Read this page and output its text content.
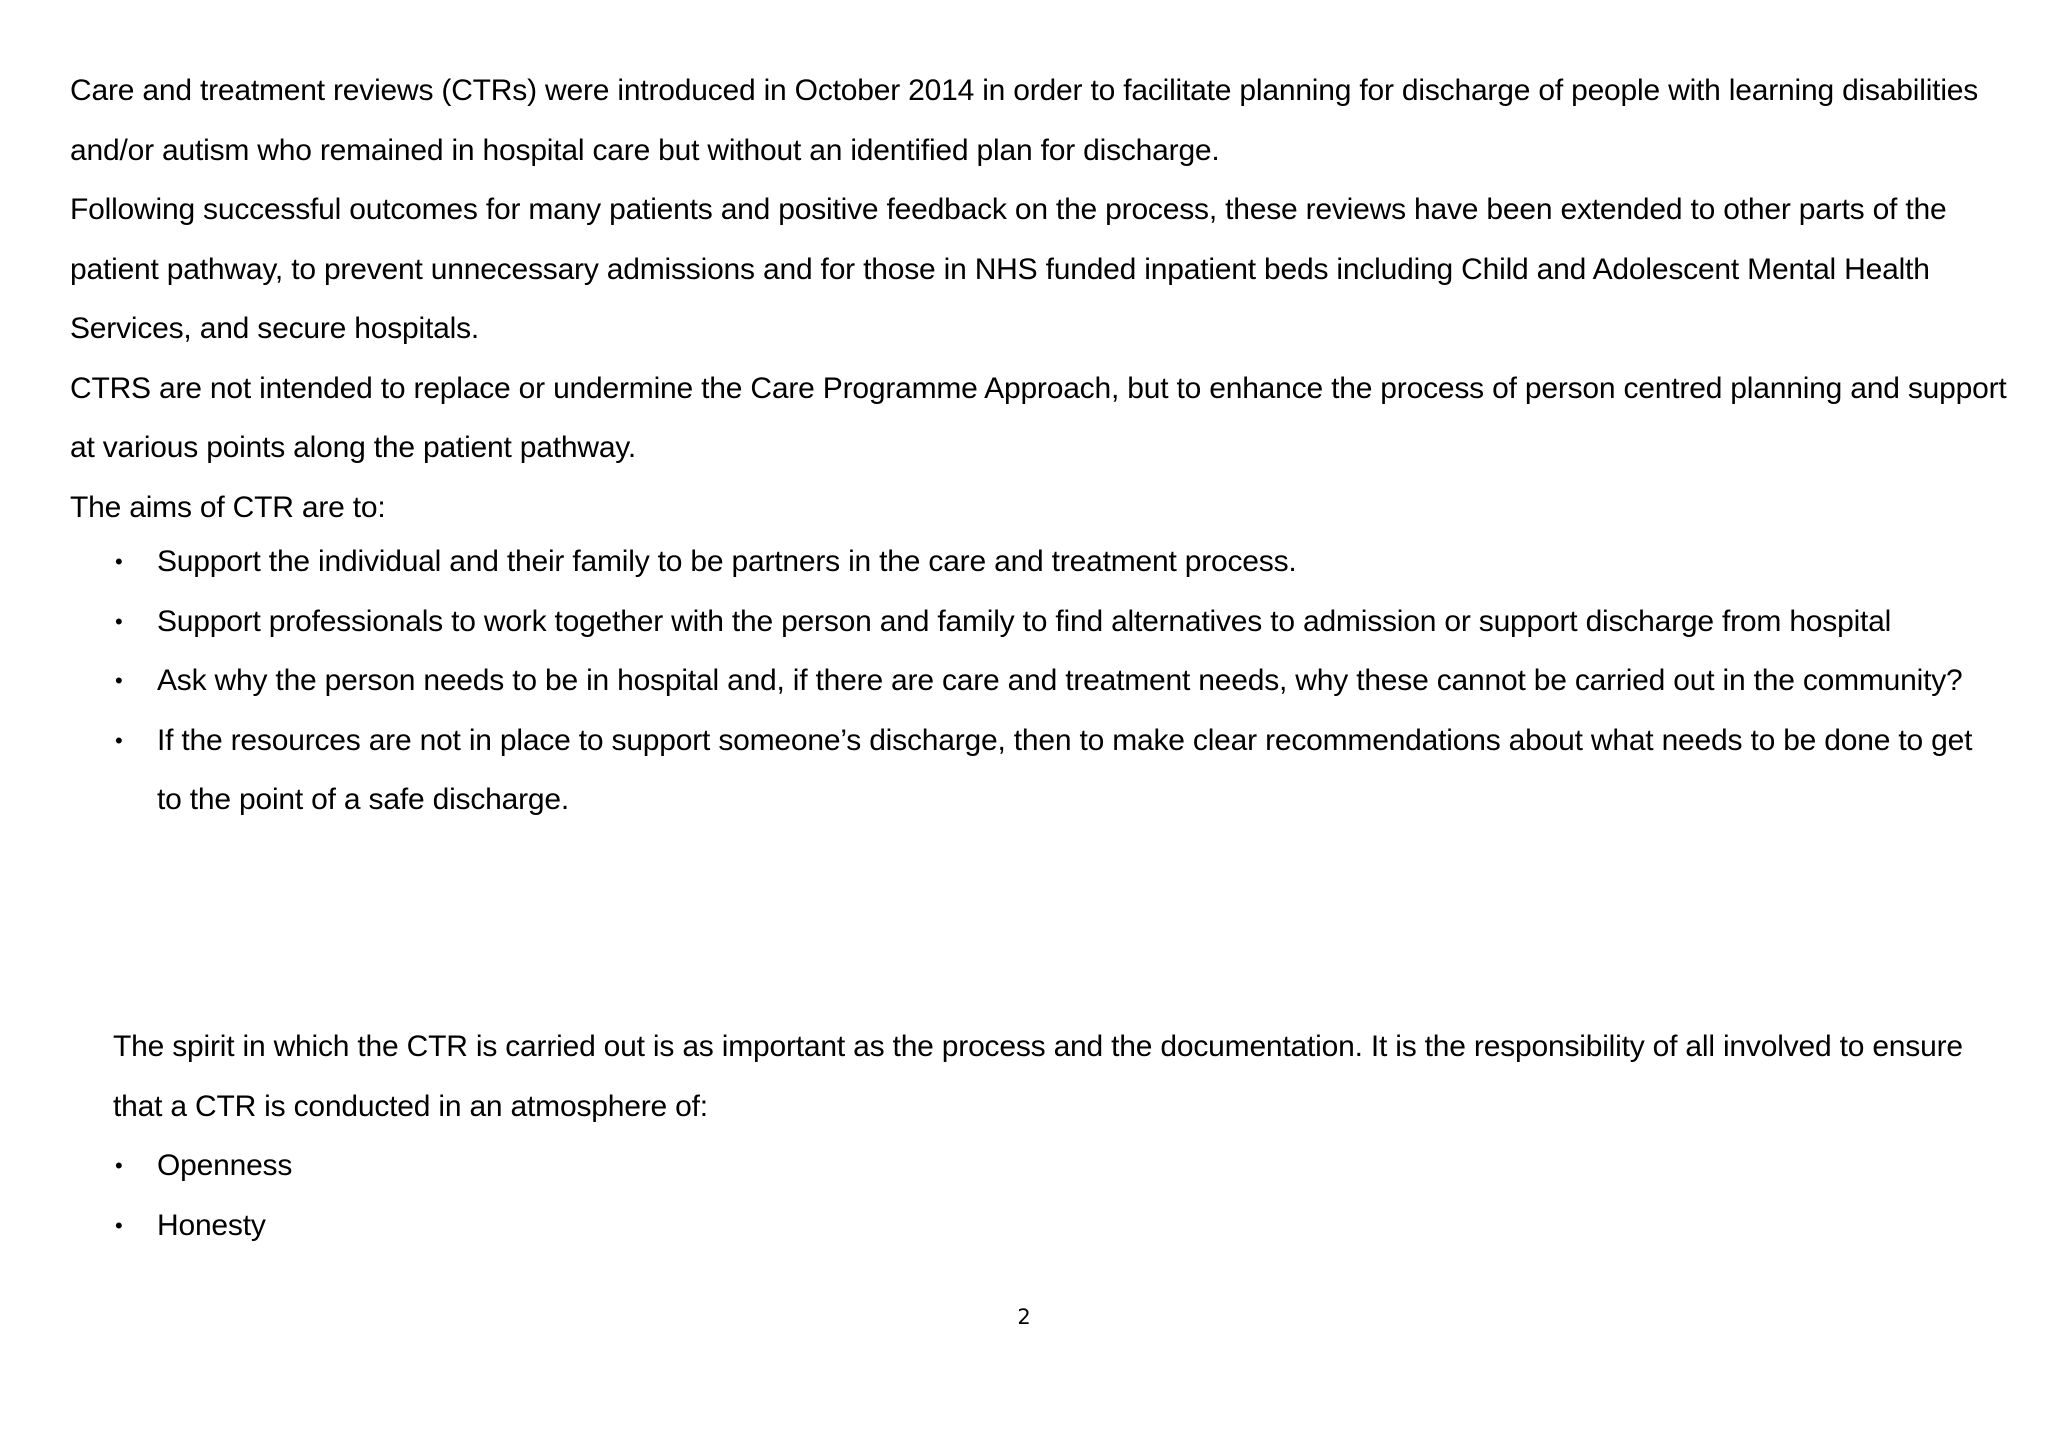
Care and treatment reviews (CTRs) were introduced in October 2014 in order to facilitate planning for discharge of people with learning disabilities and/or autism who remained in hospital care but without an identified plan for discharge.

Following successful outcomes for many patients and positive feedback on the process, these reviews have been extended to other parts of the patient pathway, to prevent unnecessary admissions and for those in NHS funded inpatient beds including Child and Adolescent Mental Health Services, and secure hospitals.

CTRS are not intended to replace or undermine the Care Programme Approach, but to enhance the process of person centred planning and support at various points along the patient pathway.

The aims of CTR are to:

• Support the individual and their family to be partners in the care and treatment process.
• Support professionals to work together with the person and family to find alternatives to admission or support discharge from hospital
• Ask why the person needs to be in hospital and, if there are care and treatment needs, why these cannot be carried out in the community?
• If the resources are not in place to support someone’s discharge, then to make clear recommendations about what needs to be done to get to the point of a safe discharge.

The spirit in which the CTR is carried out is as important as the process and the documentation. It is the responsibility of all involved to ensure that a CTR is conducted in an atmosphere of:

• Openness
• Honesty
2
